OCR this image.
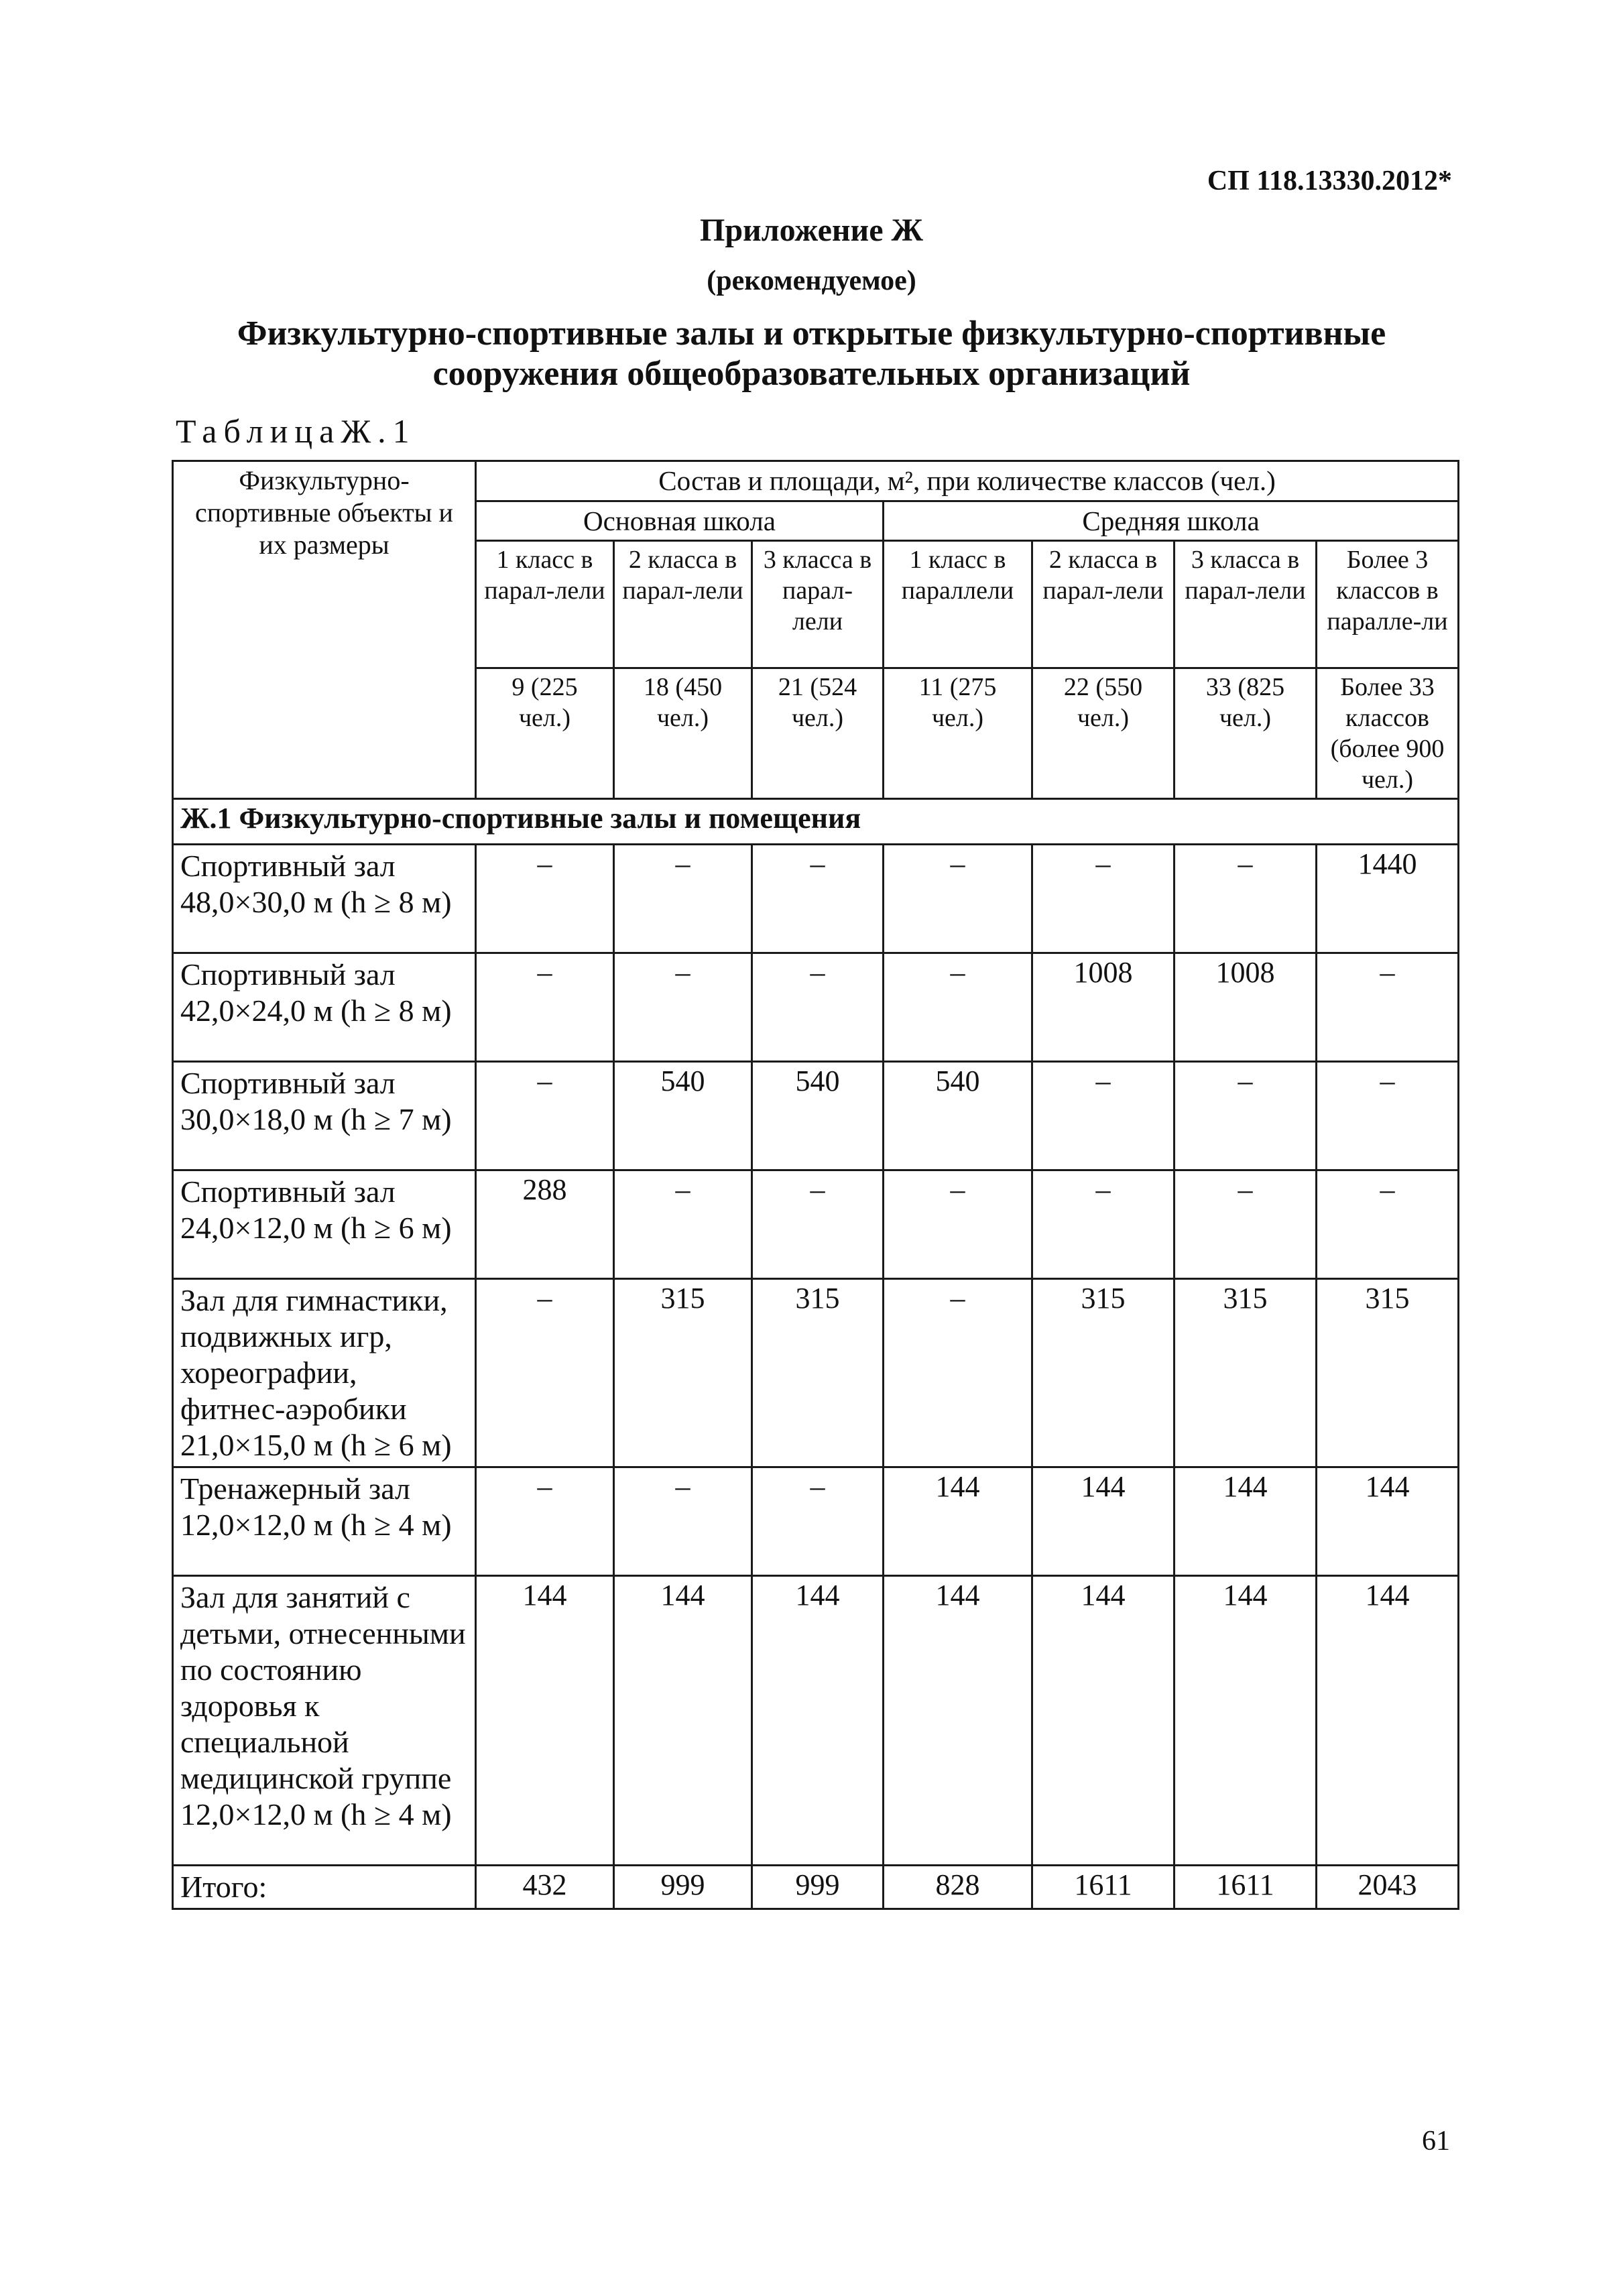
СП 118.13330.2012*
Приложение Ж
(рекомендуемое)
Физкультурно-спортивные залы и открытые физкультурно-спортивные сооружения общеобразовательных организаций
ТаблицаЖ.1
Физкультурно-спортивные объекты и их размеры	Состав и площади, м², при количестве классов (чел.)						
	Основная школа			Средняя школа			
	1 класс в парал-лели	2 класса в парал-лели	3 класса в парал-лели	1 класс в параллели	2 класса в парал-лели	3 класса в парал-лели	Более 3 классов в паралле-ли
	9 (225 чел.)	18 (450 чел.)	21 (524 чел.)	11 (275 чел.)	22 (550 чел.)	33 (825 чел.)	Более 33 классов (более 900 чел.)
Ж.1 Физкультурно-спортивные залы и помещения							
Спортивный зал 48,0×30,0 м (h ≥ 8 м)	–	–	–	–	–	–	1440
Спортивный зал 42,0×24,0 м (h ≥ 8 м)	–	–	–	–	1008	1008	–
Спортивный зал 30,0×18,0 м (h ≥ 7 м)	–	540	540	540	–	–	–
Спортивный зал 24,0×12,0 м (h ≥ 6 м)	288	–	–	–	–	–	–
Зал для гимнастики, подвижных игр, хореографии, фитнес-аэробики 21,0×15,0 м (h ≥ 6 м)	–	315	315	–	315	315	315
Тренажерный зал 12,0×12,0 м (h ≥ 4 м)	–	–	–	144	144	144	144
Зал для занятий с детьми, отнесенными по состоянию здоровья к специальной медицинской группе 12,0×12,0 м (h ≥ 4 м)	144	144	144	144	144	144	144
Итого:	432	999	999	828	1611	1611	2043
61
